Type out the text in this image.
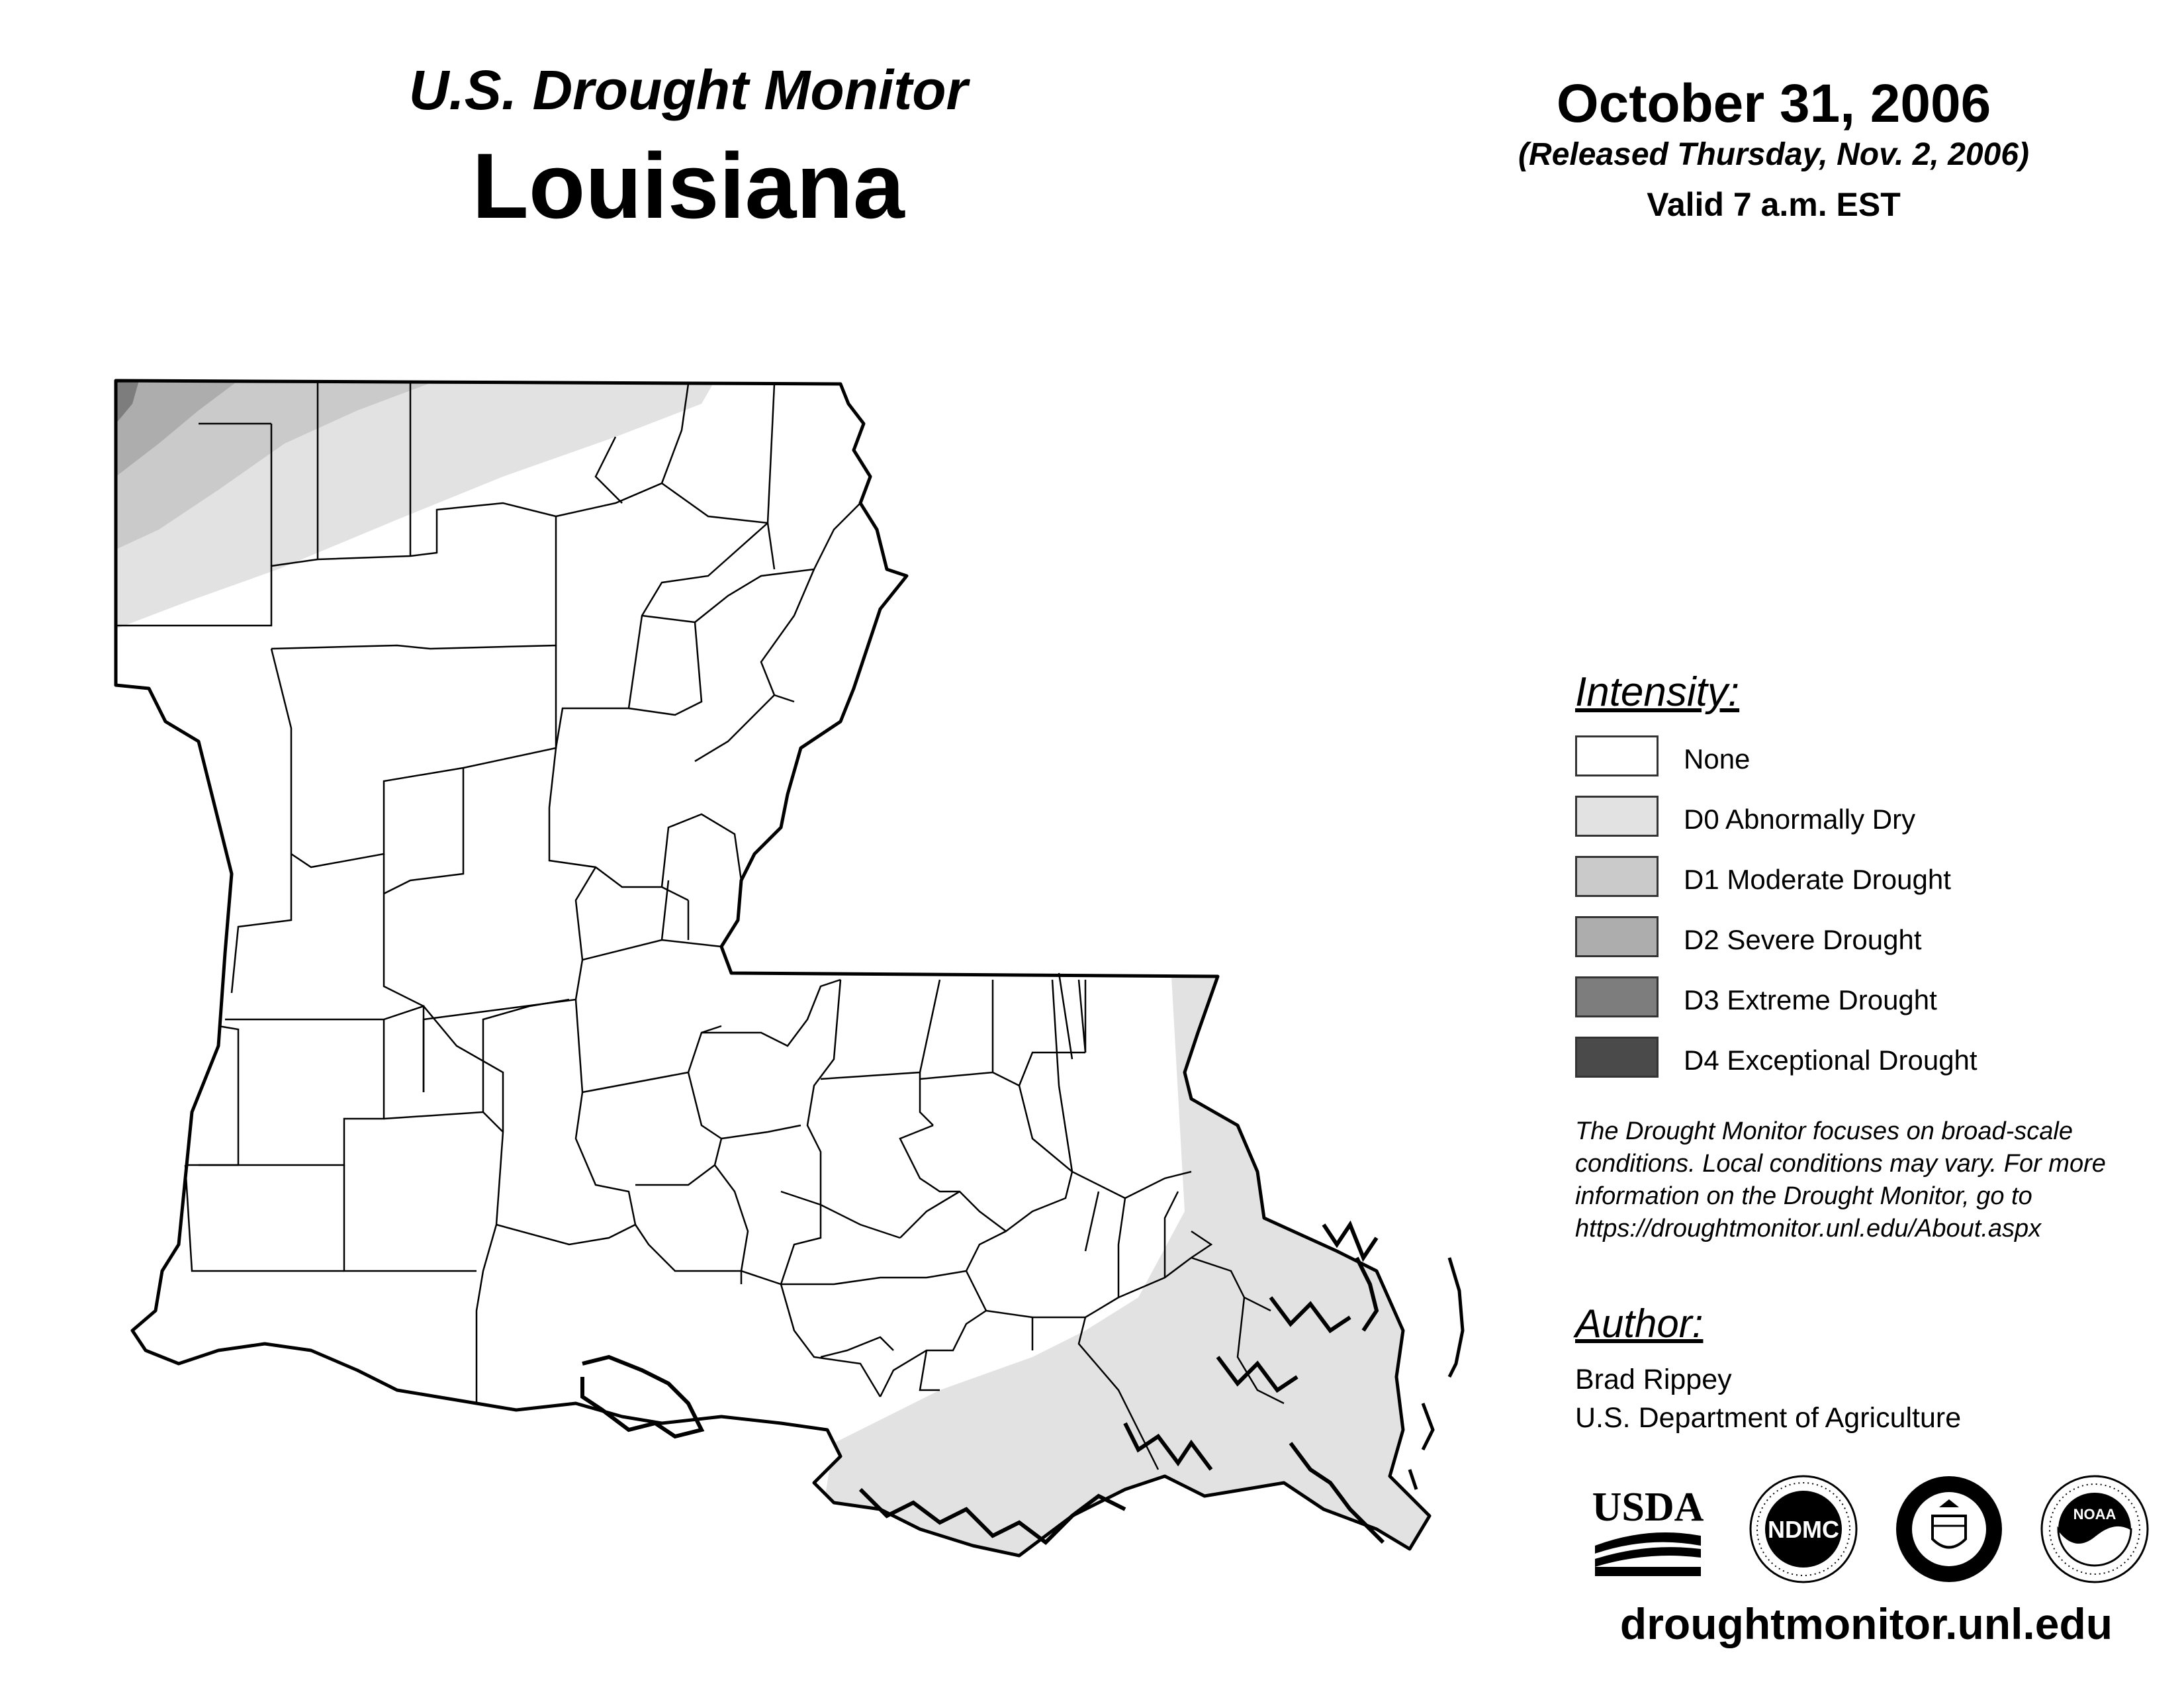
U.S. Drought Monitor
Louisiana
October 31, 2006
(Released Thursday, Nov. 2, 2006)
Valid 7 a.m. EST
Intensity:
None
D0 Abnormally Dry
D1 Moderate Drought
D2 Severe Drought
D3 Extreme Drought
D4 Exceptional Drought
The Drought Monitor focuses on broad-scale conditions. Local conditions may vary. For more information on the Drought Monitor, go to https://droughtmonitor.unl.edu/About.aspx
Author:
Brad Rippey
U.S. Department of Agriculture
USDA	NDMC
NOAA
droughtmonitor.unl.edu
